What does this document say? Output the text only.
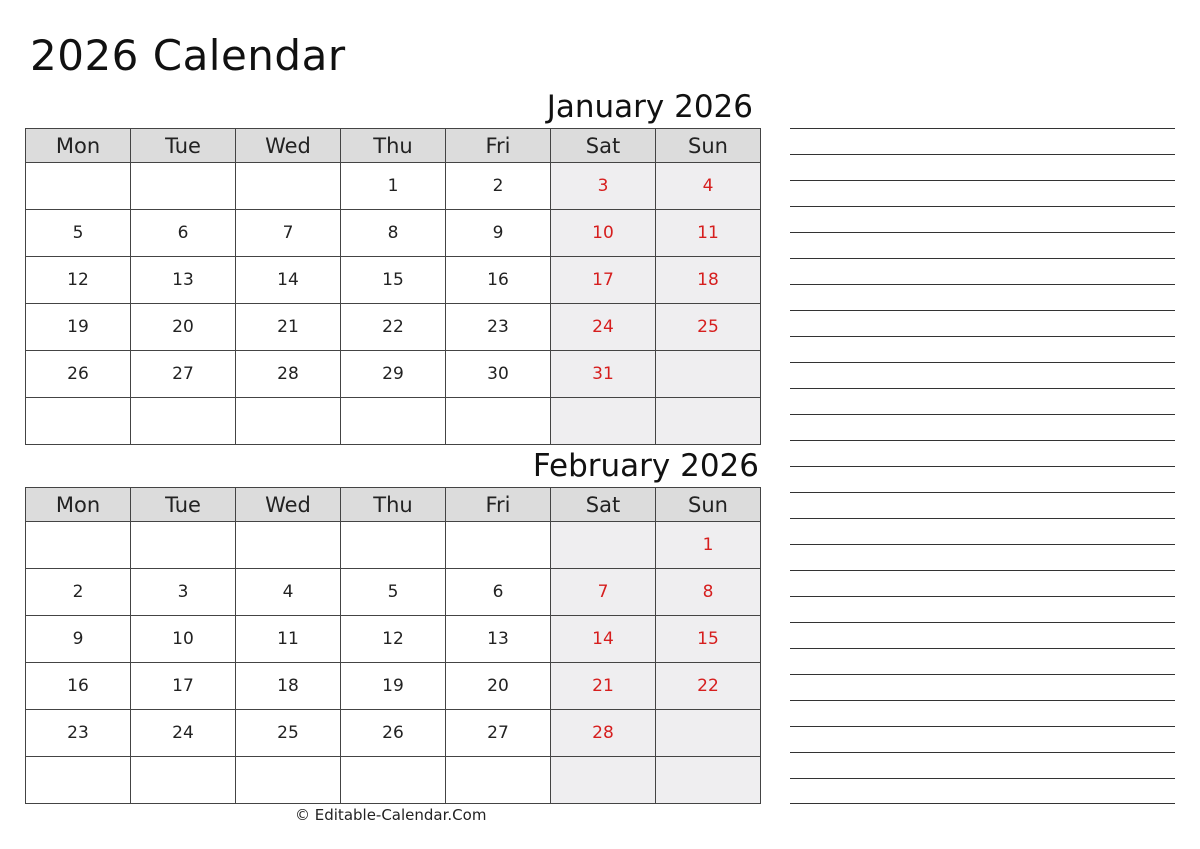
2026 Calendar
January 2026
Mon	Tue	Wed	Thu	Fri	Sat	Sun
			1	2	3	4
5	6	7	8	9	10	11
12	13	14	15	16	17	18
19	20	21	22	23	24	25
26	27	28	29	30	31	

February 2026
Mon	Tue	Wed	Thu	Fri	Sat	Sun
						1
2	3	4	5	6	7	8
9	10	11	12	13	14	15
16	17	18	19	20	21	22
23	24	25	26	27	28	

© Editable-Calendar.Com
